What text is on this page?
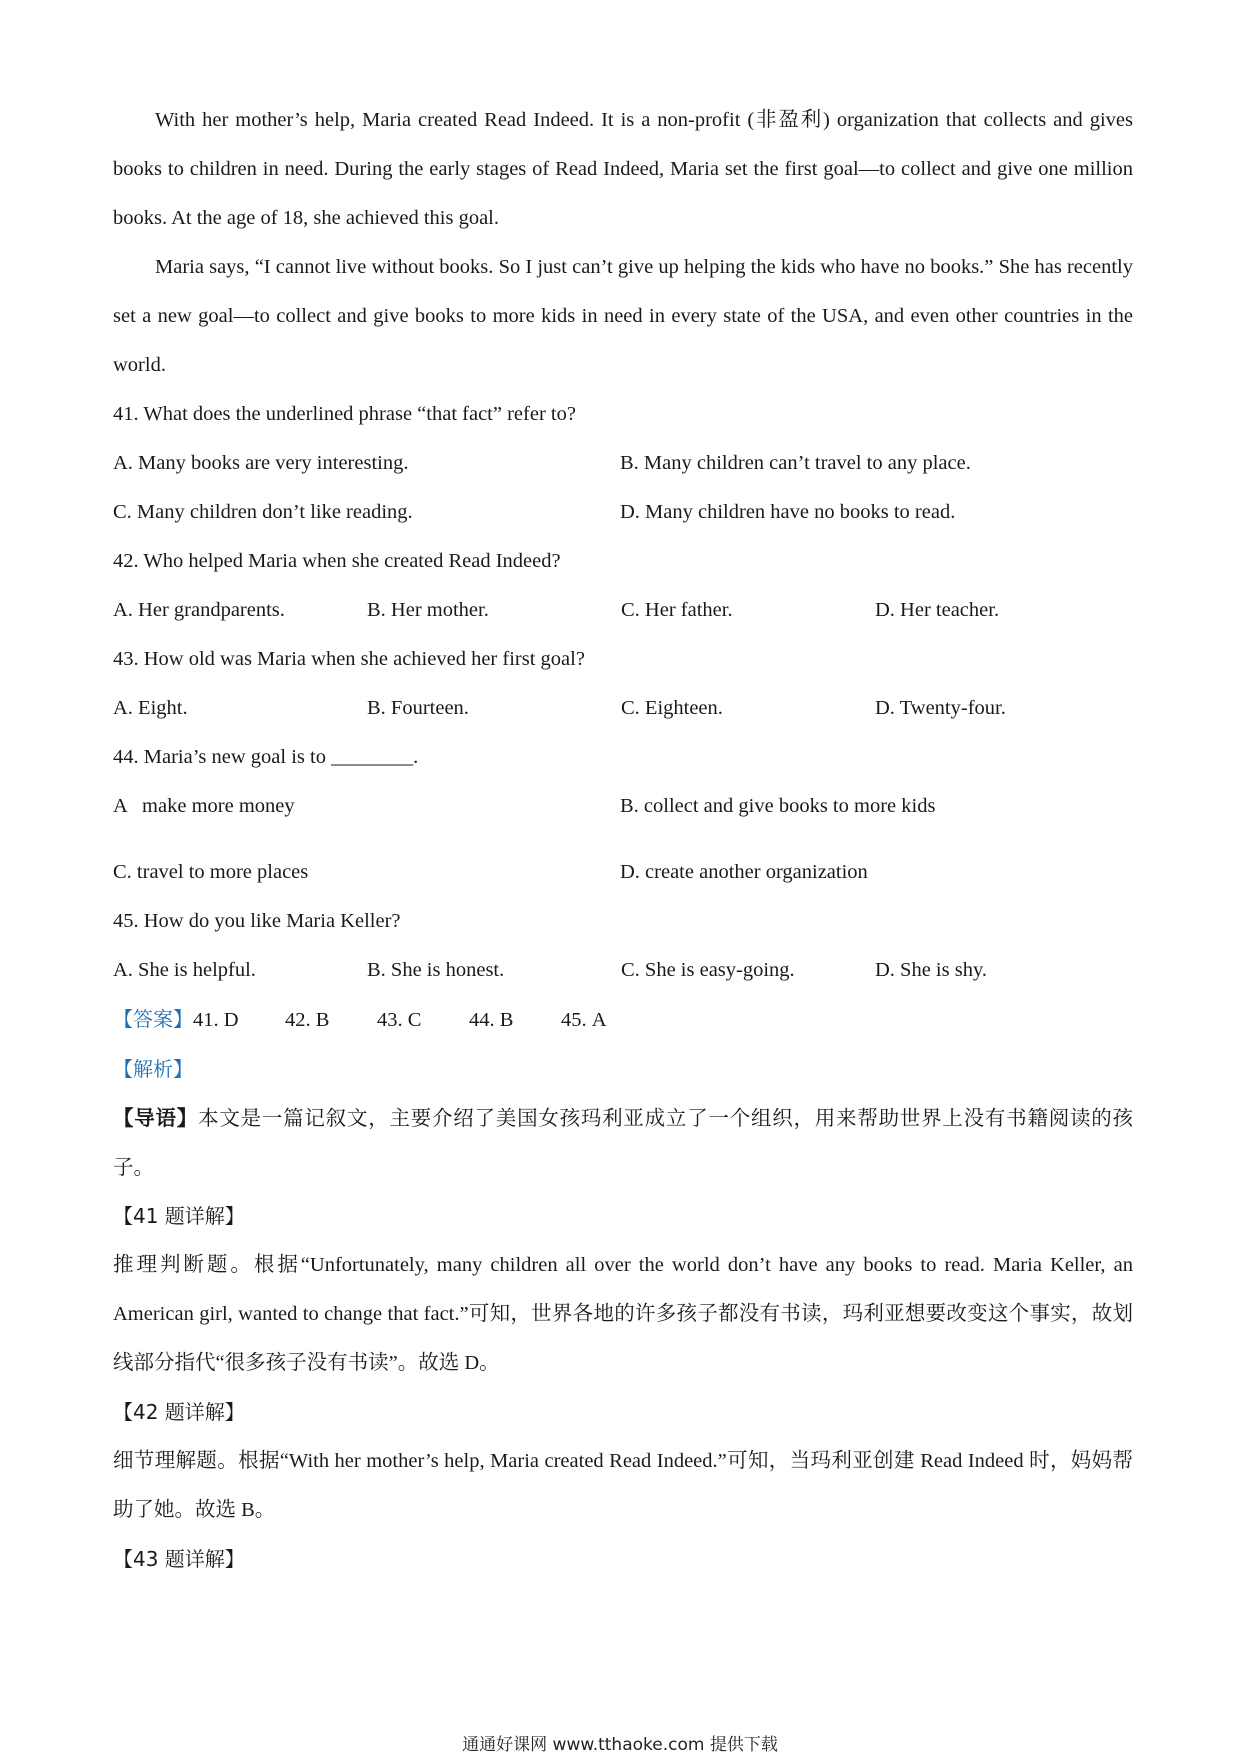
With her mother’s help, Maria created Read Indeed. It is a non-profit (非盈利) organization that collects and gives books to children in need. During the early stages of Read Indeed, Maria set the first goal—to collect and give one million books. At the age of 18, she achieved this goal.

Maria says, “I cannot live without books. So I just can’t give up helping the kids who have no books.” She has recently set a new goal—to collect and give books to more kids in need in every state of the USA, and even other countries in the world.

41. What does the underlined phrase “that fact” refer to?
A. Many books are very interesting.	B. Many children can’t travel to any place.
C. Many children don’t like reading.	D. Many children have no books to read.
42. Who helped Maria when she created Read Indeed?
A. Her grandparents.	B. Her mother.	C. Her father.	D. Her teacher.
43. How old was Maria when she achieved her first goal?
A. Eight.	B. Fourteen.	C. Eighteen.	D. Twenty-four.
44. Maria’s new goal is to ________.
A   make more money	B. collect and give books to more kids
C. travel to more places	D. create another organization
45. How do you like Maria Keller?
A. She is helpful.	B. She is honest.	C. She is easy-going.	D. She is shy.
【答案】41. D 42. B 43. C 44. B 45. A
【解析】

【导语】本文是一篇记叙文，主要介绍了美国女孩玛利亚成立了一个组织，用来帮助世界上没有书籍阅读的孩子。

【41 题详解】

推理判断题。根据“Unfortunately, many children all over the world don’t have any books to read. Maria Keller, an American girl, wanted to change that fact.”可知，世界各地的许多孩子都没有书读，玛利亚想要改变这个事实，故划线部分指代“很多孩子没有书读”。故选 D。

【42 题详解】

细节理解题。根据“With her mother’s help, Maria created Read Indeed.”可知，当玛利亚创建 Read Indeed 时，妈妈帮助了她。故选 B。

【43 题详解】
通通好课网 www.tthaoke.com 提供下载
